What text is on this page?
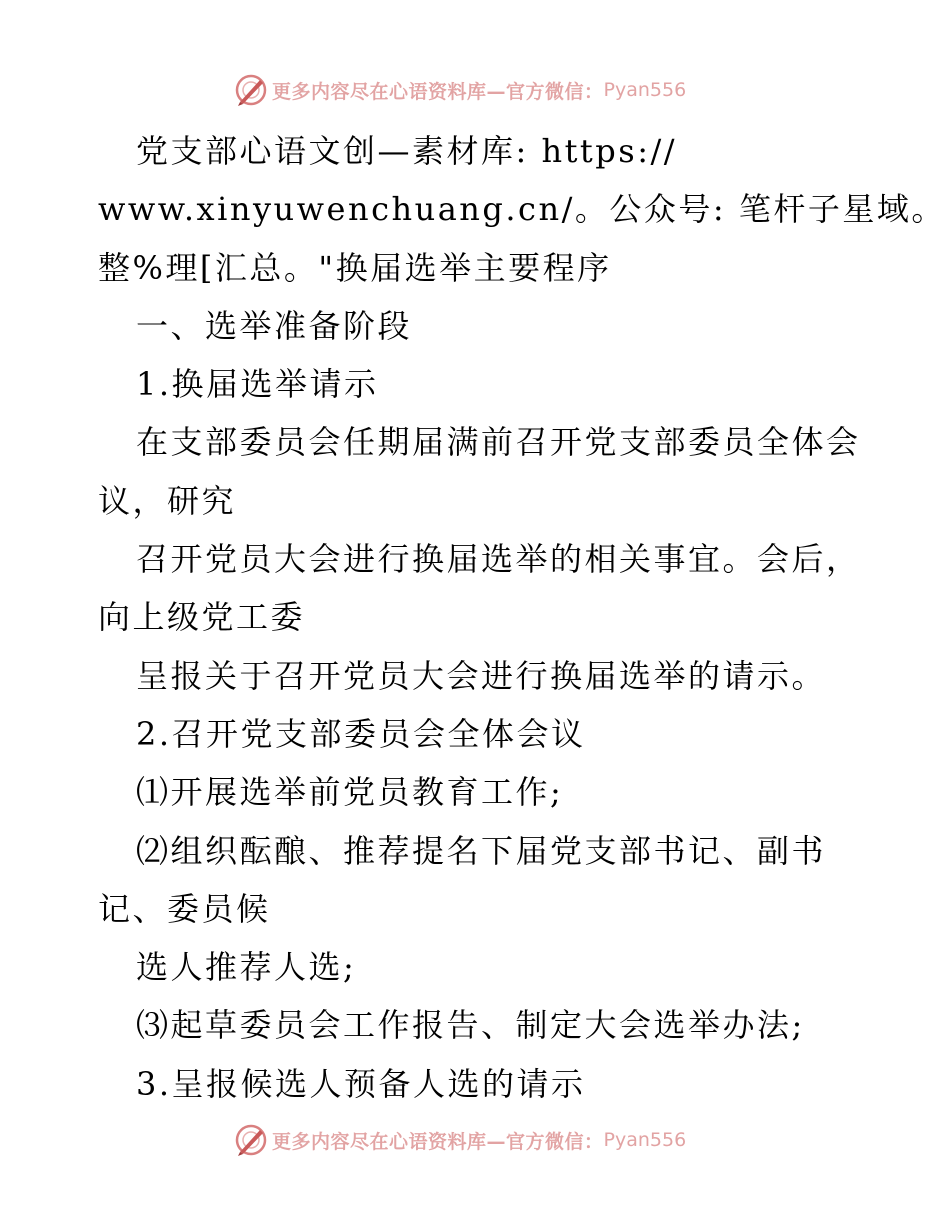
更多内容尽在心语资料库—官方微信： Pyan556
党支部心语文创—素材库: https://
www.xinyuwenchuang.cn/。公众号: 笔杆子星域。
整%理[汇总。"换届选举主要程序
一、选举准备阶段
1.换届选举请示
在支部委员会任期届满前召开党支部委员全体会
议，研究
召开党员大会进行换届选举的相关事宜。会后，
向上级党工委
呈报关于召开党员大会进行换届选举的请示。
2.召开党支部委员会全体会议
⑴开展选举前党员教育工作;
⑵组织酝酿、推荐提名下届党支部书记、副书
记、委员候
选人推荐人选;
⑶起草委员会工作报告、制定大会选举办法;
3.呈报候选人预备人选的请示
更多内容尽在心语资料库—官方微信： Pyan556
